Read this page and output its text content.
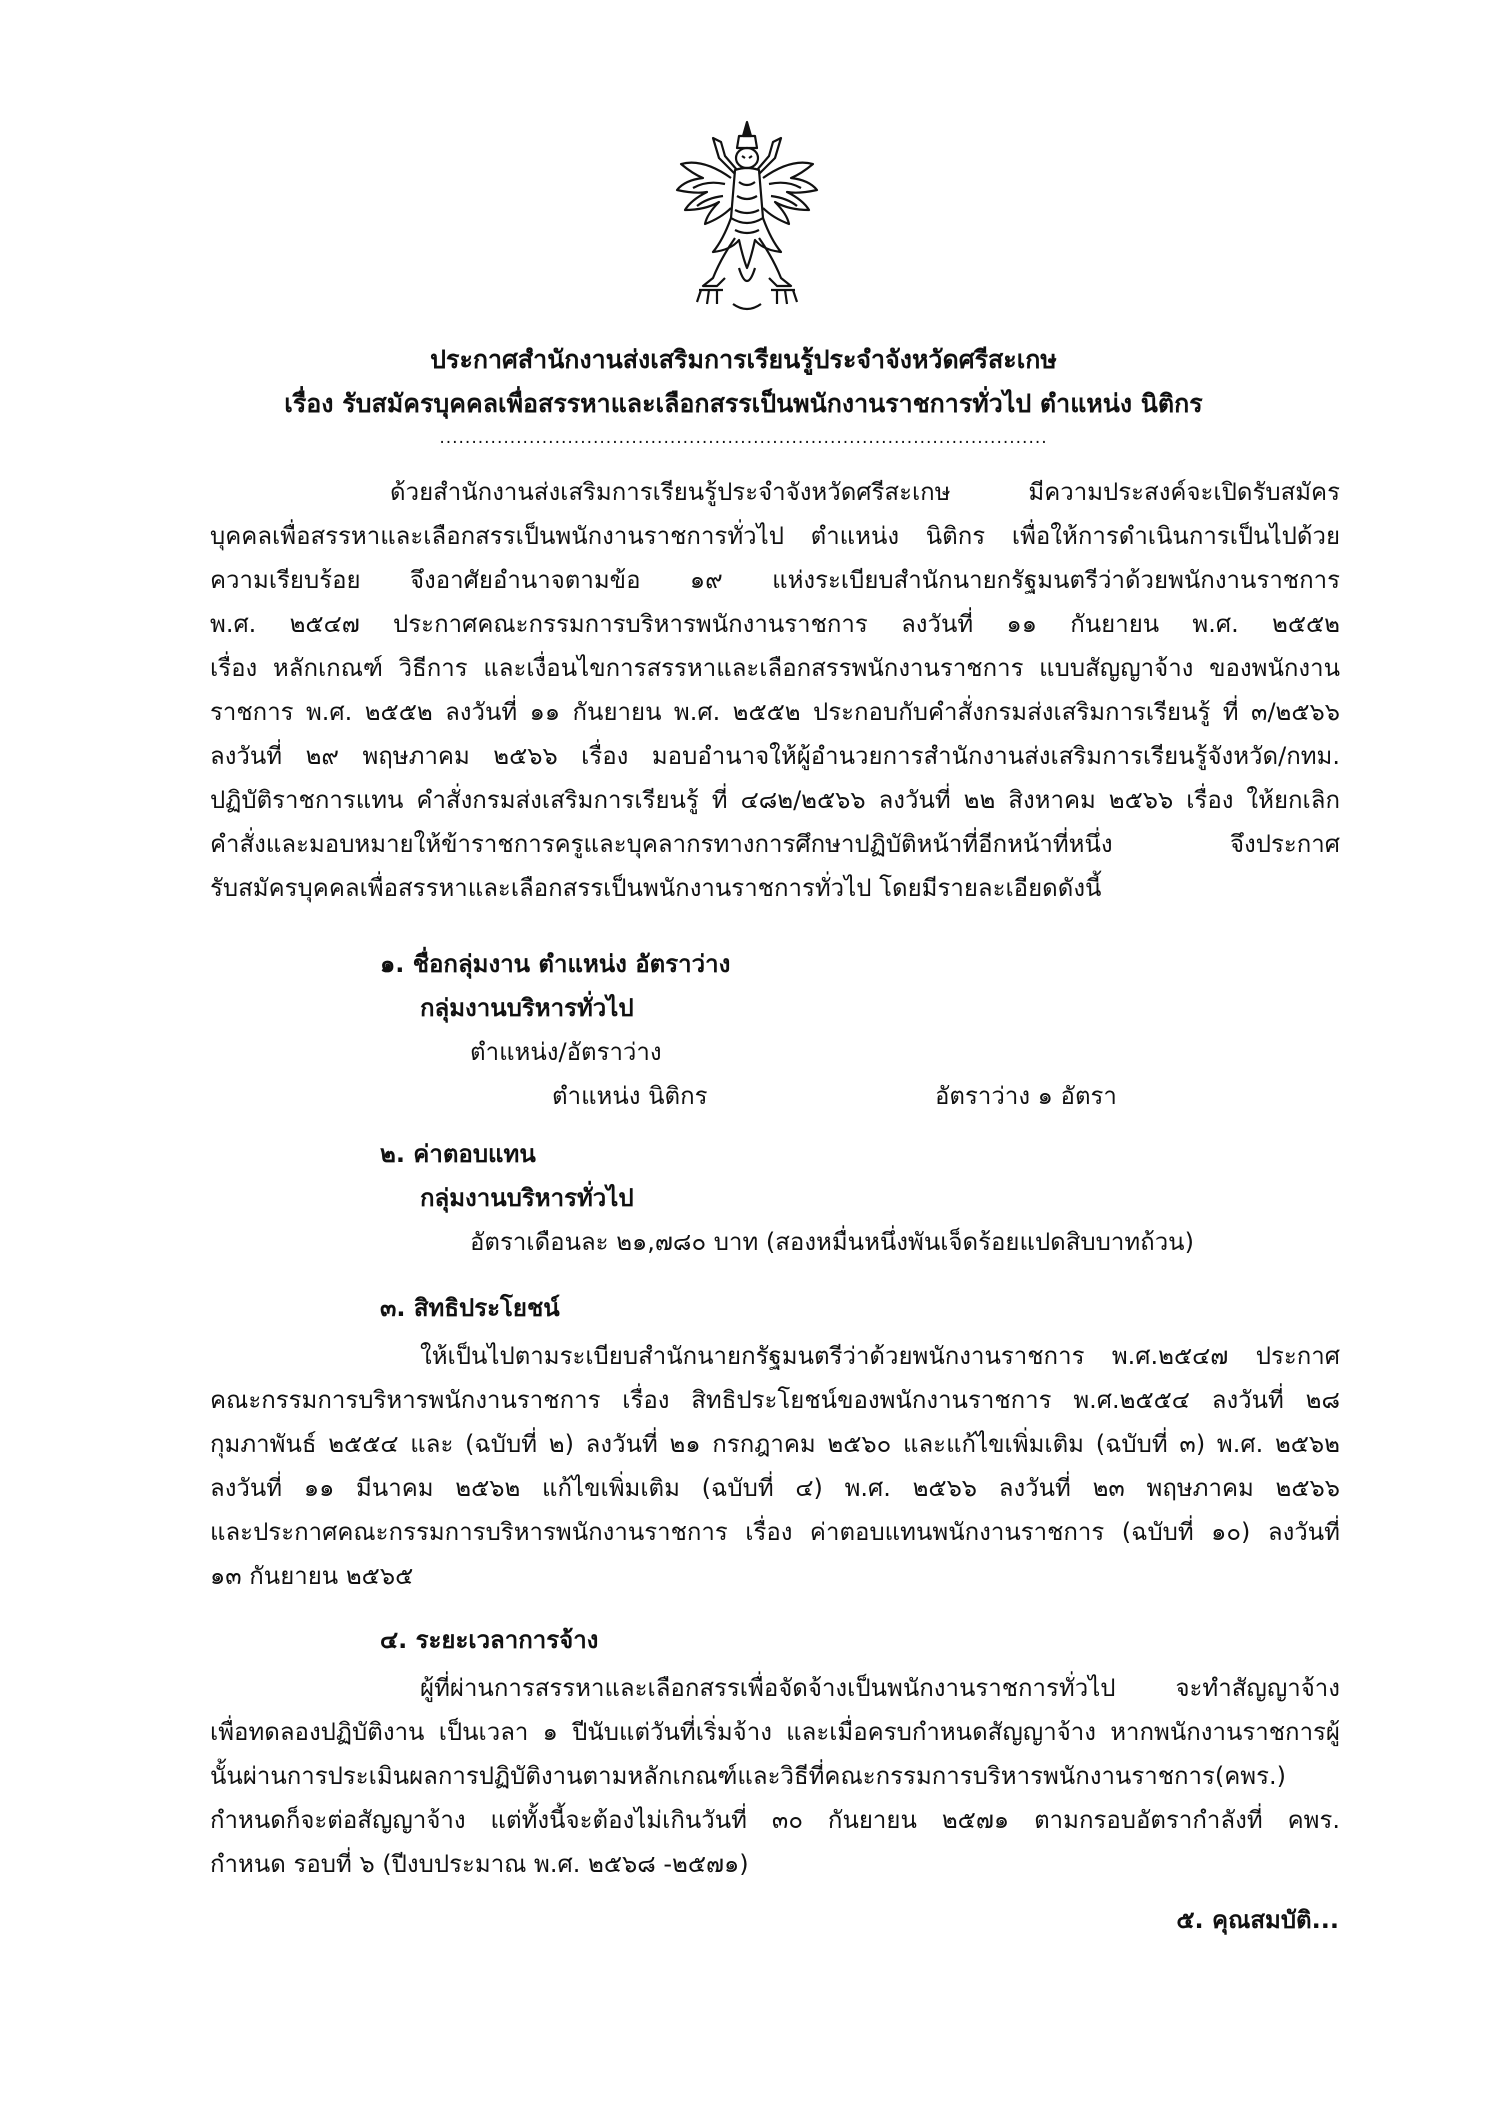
ประกาศสำนักงานส่งเสริมการเรียนรู้ประจำจังหวัดศรีสะเกษ
เรื่อง รับสมัครบุคคลเพื่อสรรหาและเลือกสรรเป็นพนักงานราชการทั่วไป ตำแหน่ง นิติกร
...............................................................................................
ด้วยสำนักงานส่งเสริมการเรียนรู้ประจำจังหวัดศรีสะเกษ มีความประสงค์จะเปิดรับสมัคร
บุคคลเพื่อสรรหาและเลือกสรรเป็นพนักงานราชการทั่วไป ตำแหน่ง นิติกร เพื่อให้การดำเนินการเป็นไปด้วย
ความเรียบร้อย จึงอาศัยอำนาจตามข้อ ๑๙ แห่งระเบียบสำนักนายกรัฐมนตรีว่าด้วยพนักงานราชการ
พ.ศ. ๒๕๔๗ ประกาศคณะกรรมการบริหารพนักงานราชการ ลงวันที่ ๑๑ กันยายน พ.ศ. ๒๕๕๒
เรื่อง หลักเกณฑ์ วิธีการ และเงื่อนไขการสรรหาและเลือกสรรพนักงานราชการ แบบสัญญาจ้าง ของพนักงาน
ราชการ พ.ศ. ๒๕๕๒ ลงวันที่ ๑๑ กันยายน พ.ศ. ๒๕๕๒ ประกอบกับคำสั่งกรมส่งเสริมการเรียนรู้ ที่ ๓/๒๕๖๖
ลงวันที่ ๒๙ พฤษภาคม ๒๕๖๖ เรื่อง มอบอำนาจให้ผู้อำนวยการสำนักงานส่งเสริมการเรียนรู้จังหวัด/กทม.
ปฏิบัติราชการแทน คำสั่งกรมส่งเสริมการเรียนรู้ ที่ ๔๘๒/๒๕๖๖ ลงวันที่ ๒๒ สิงหาคม ๒๕๖๖ เรื่อง ให้ยกเลิก
คำสั่งและมอบหมายให้ข้าราชการครูและบุคลากรทางการศึกษาปฏิบัติหน้าที่อีกหน้าที่หนึ่ง จึงประกาศ
รับสมัครบุคคลเพื่อสรรหาและเลือกสรรเป็นพนักงานราชการทั่วไป โดยมีรายละเอียดดังนี้
๑. ชื่อกลุ่มงาน ตำแหน่ง อัตราว่าง
กลุ่มงานบริหารทั่วไป
ตำแหน่ง/อัตราว่าง
ตำแหน่ง นิติกร	อัตราว่าง ๑ อัตรา
๒. ค่าตอบแทน
กลุ่มงานบริหารทั่วไป
อัตราเดือนละ ๒๑,๗๘๐ บาท (สองหมื่นหนึ่งพันเจ็ดร้อยแปดสิบบาทถ้วน)
๓. สิทธิประโยชน์
ให้เป็นไปตามระเบียบสำนักนายกรัฐมนตรีว่าด้วยพนักงานราชการ พ.ศ.๒๕๔๗ ประกาศ
คณะกรรมการบริหารพนักงานราชการ เรื่อง สิทธิประโยชน์ของพนักงานราชการ พ.ศ.๒๕๕๔ ลงวันที่ ๒๘
กุมภาพันธ์ ๒๕๕๔ และ (ฉบับที่ ๒) ลงวันที่ ๒๑ กรกฎาคม ๒๕๖๐ และแก้ไขเพิ่มเติม (ฉบับที่ ๓) พ.ศ. ๒๕๖๒
ลงวันที่ ๑๑ มีนาคม ๒๕๖๒ แก้ไขเพิ่มเติม (ฉบับที่ ๔) พ.ศ. ๒๕๖๖ ลงวันที่ ๒๓ พฤษภาคม ๒๕๖๖
และประกาศคณะกรรมการบริหารพนักงานราชการ เรื่อง ค่าตอบแทนพนักงานราชการ (ฉบับที่ ๑๐) ลงวันที่
๑๓ กันยายน ๒๕๖๕
๔. ระยะเวลาการจ้าง
ผู้ที่ผ่านการสรรหาและเลือกสรรเพื่อจัดจ้างเป็นพนักงานราชการทั่วไป จะทำสัญญาจ้าง
เพื่อทดลองปฏิบัติงาน เป็นเวลา ๑ ปีนับแต่วันที่เริ่มจ้าง และเมื่อครบกำหนดสัญญาจ้าง หากพนักงานราชการผู้
นั้นผ่านการประเมินผลการปฏิบัติงานตามหลักเกณฑ์และวิธีที่คณะกรรมการบริหารพนักงานราชการ(คพร.)
กำหนดก็จะต่อสัญญาจ้าง แต่ทั้งนี้จะต้องไม่เกินวันที่ ๓๐ กันยายน ๒๕๗๑ ตามกรอบอัตรากำลังที่ คพร.
กำหนด รอบที่ ๖ (ปีงบประมาณ พ.ศ. ๒๕๖๘ -๒๕๗๑)
๕. คุณสมบัติ...
